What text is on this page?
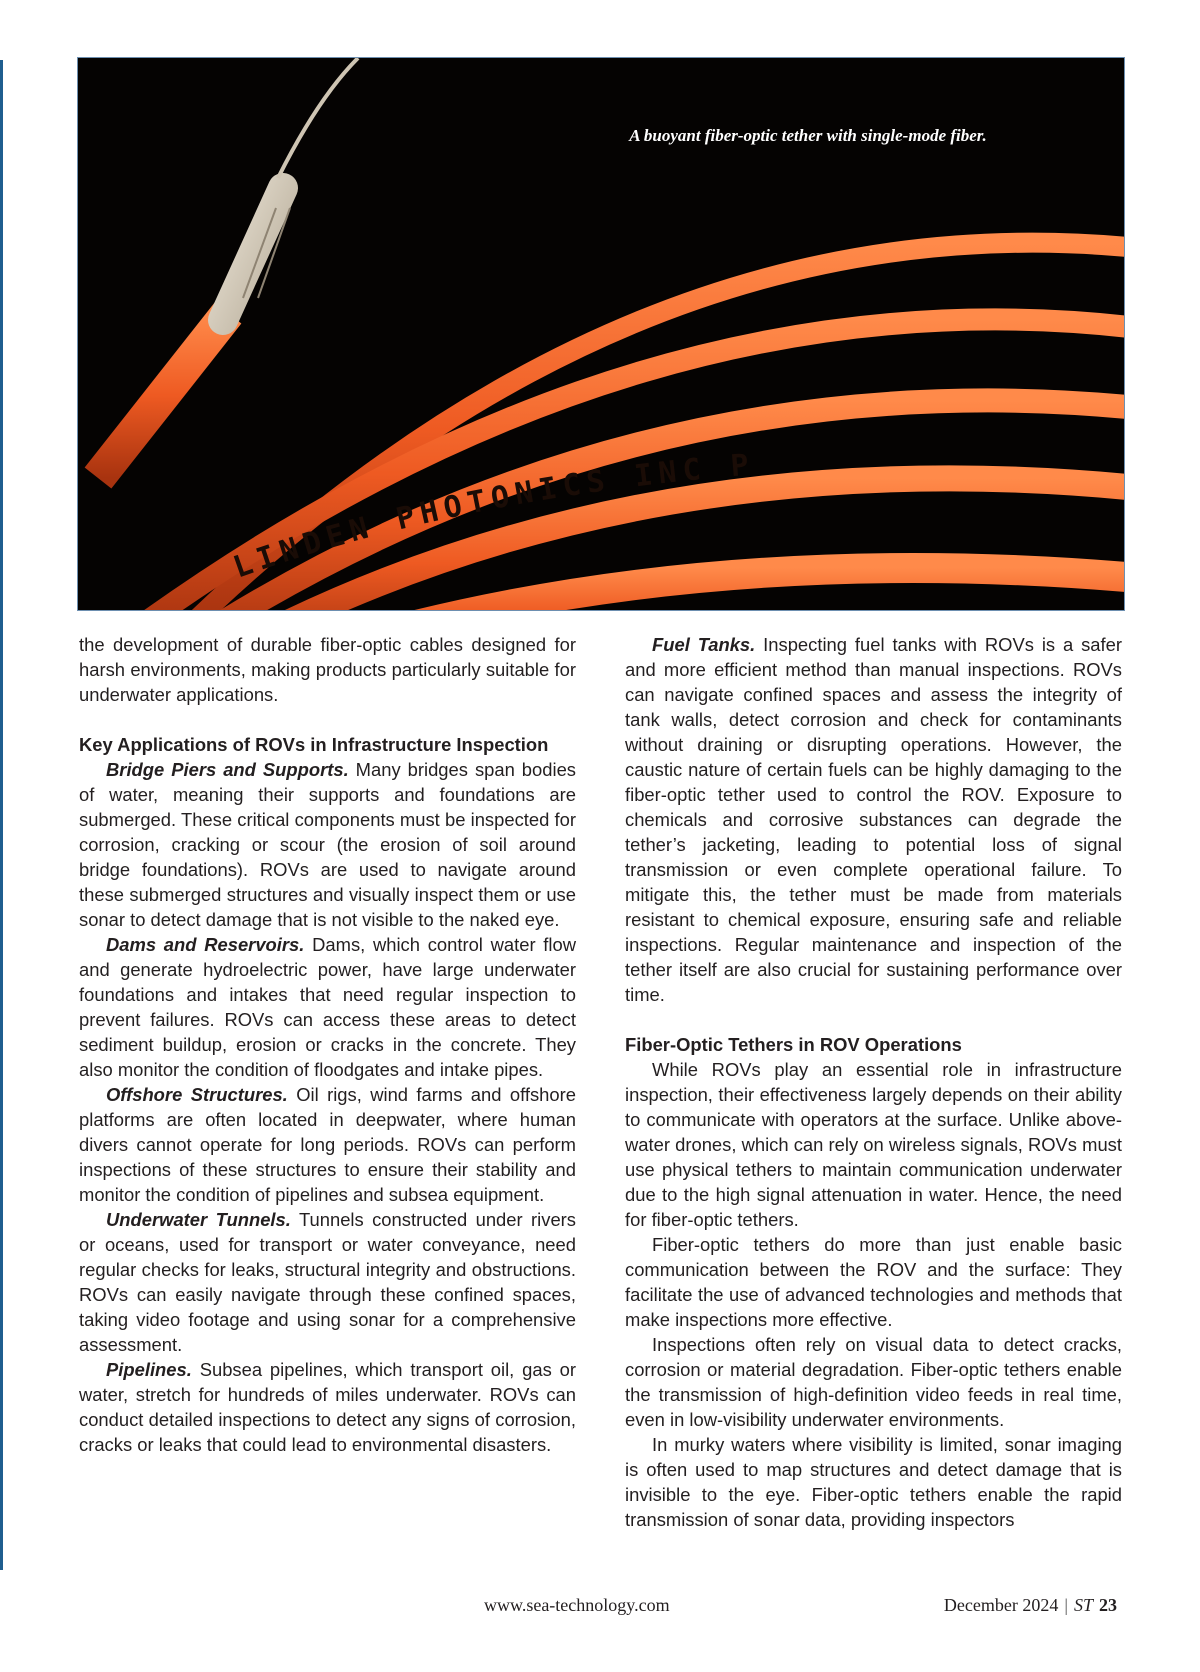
LINDEN PHOTONICS INC P
A buoyant fiber-optic tether with single-mode fiber.

the development of durable fiber-optic cables designed for harsh environments, making products particularly suitable for underwater applications.

Key Applications of ROVs in Infrastructure Inspection

Bridge Piers and Supports. Many bridges span bodies of water, meaning their supports and foundations are submerged. These critical components must be inspected for corrosion, cracking or scour (the erosion of soil around bridge foundations). ROVs are used to navigate around these submerged structures and visually inspect them or use sonar to detect damage that is not visible to the naked eye.

Dams and Reservoirs. Dams, which control water flow and generate hydroelectric power, have large underwater foundations and intakes that need regular inspection to prevent failures. ROVs can access these areas to detect sediment buildup, erosion or cracks in the concrete. They also monitor the condition of floodgates and intake pipes.

Offshore Structures. Oil rigs, wind farms and offshore platforms are often located in deepwater, where human divers cannot operate for long periods. ROVs can perform inspections of these structures to ensure their stability and monitor the condition of pipelines and subsea equipment.

Underwater Tunnels. Tunnels constructed under rivers or oceans, used for transport or water conveyance, need regular checks for leaks, structural integrity and obstructions. ROVs can easily navigate through these confined spaces, taking video footage and using sonar for a comprehensive assessment.

Pipelines. Subsea pipelines, which transport oil, gas or water, stretch for hundreds of miles underwater. ROVs can conduct detailed inspections to detect any signs of corrosion, cracks or leaks that could lead to environmental disasters.

Fuel Tanks. Inspecting fuel tanks with ROVs is a safer and more efficient method than manual inspections. ROVs can navigate confined spaces and assess the integrity of tank walls, detect corrosion and check for contaminants without draining or disrupting operations. However, the caustic nature of certain fuels can be highly damaging to the fiber-optic tether used to control the ROV. Exposure to chemicals and corrosive substances can degrade the tether’s jacketing, leading to potential loss of signal transmission or even complete operational failure. To mitigate this, the tether must be made from materials resistant to chemical exposure, ensuring safe and reliable inspections. Regular maintenance and inspection of the tether itself are also crucial for sustaining performance over time.

Fiber-Optic Tethers in ROV Operations

While ROVs play an essential role in infrastructure inspection, their effectiveness largely depends on their ability to communicate with operators at the surface. Unlike above-water drones, which can rely on wireless signals, ROVs must use physical tethers to maintain communication underwater due to the high signal attenuation in water. Hence, the need for fiber-optic tethers.

Fiber-optic tethers do more than just enable basic communication between the ROV and the surface: They facilitate the use of advanced technologies and methods that make inspections more effective.

Inspections often rely on visual data to detect cracks, corrosion or material degradation. Fiber-optic tethers enable the transmission of high-definition video feeds in real time, even in low-visibility underwater environments.

In murky waters where visibility is limited, sonar imaging is often used to map structures and detect damage that is invisible to the eye. Fiber-optic tethers enable the rapid transmission of sonar data, providing inspectors

www.sea-technology.com	December 2024 | ST 23
